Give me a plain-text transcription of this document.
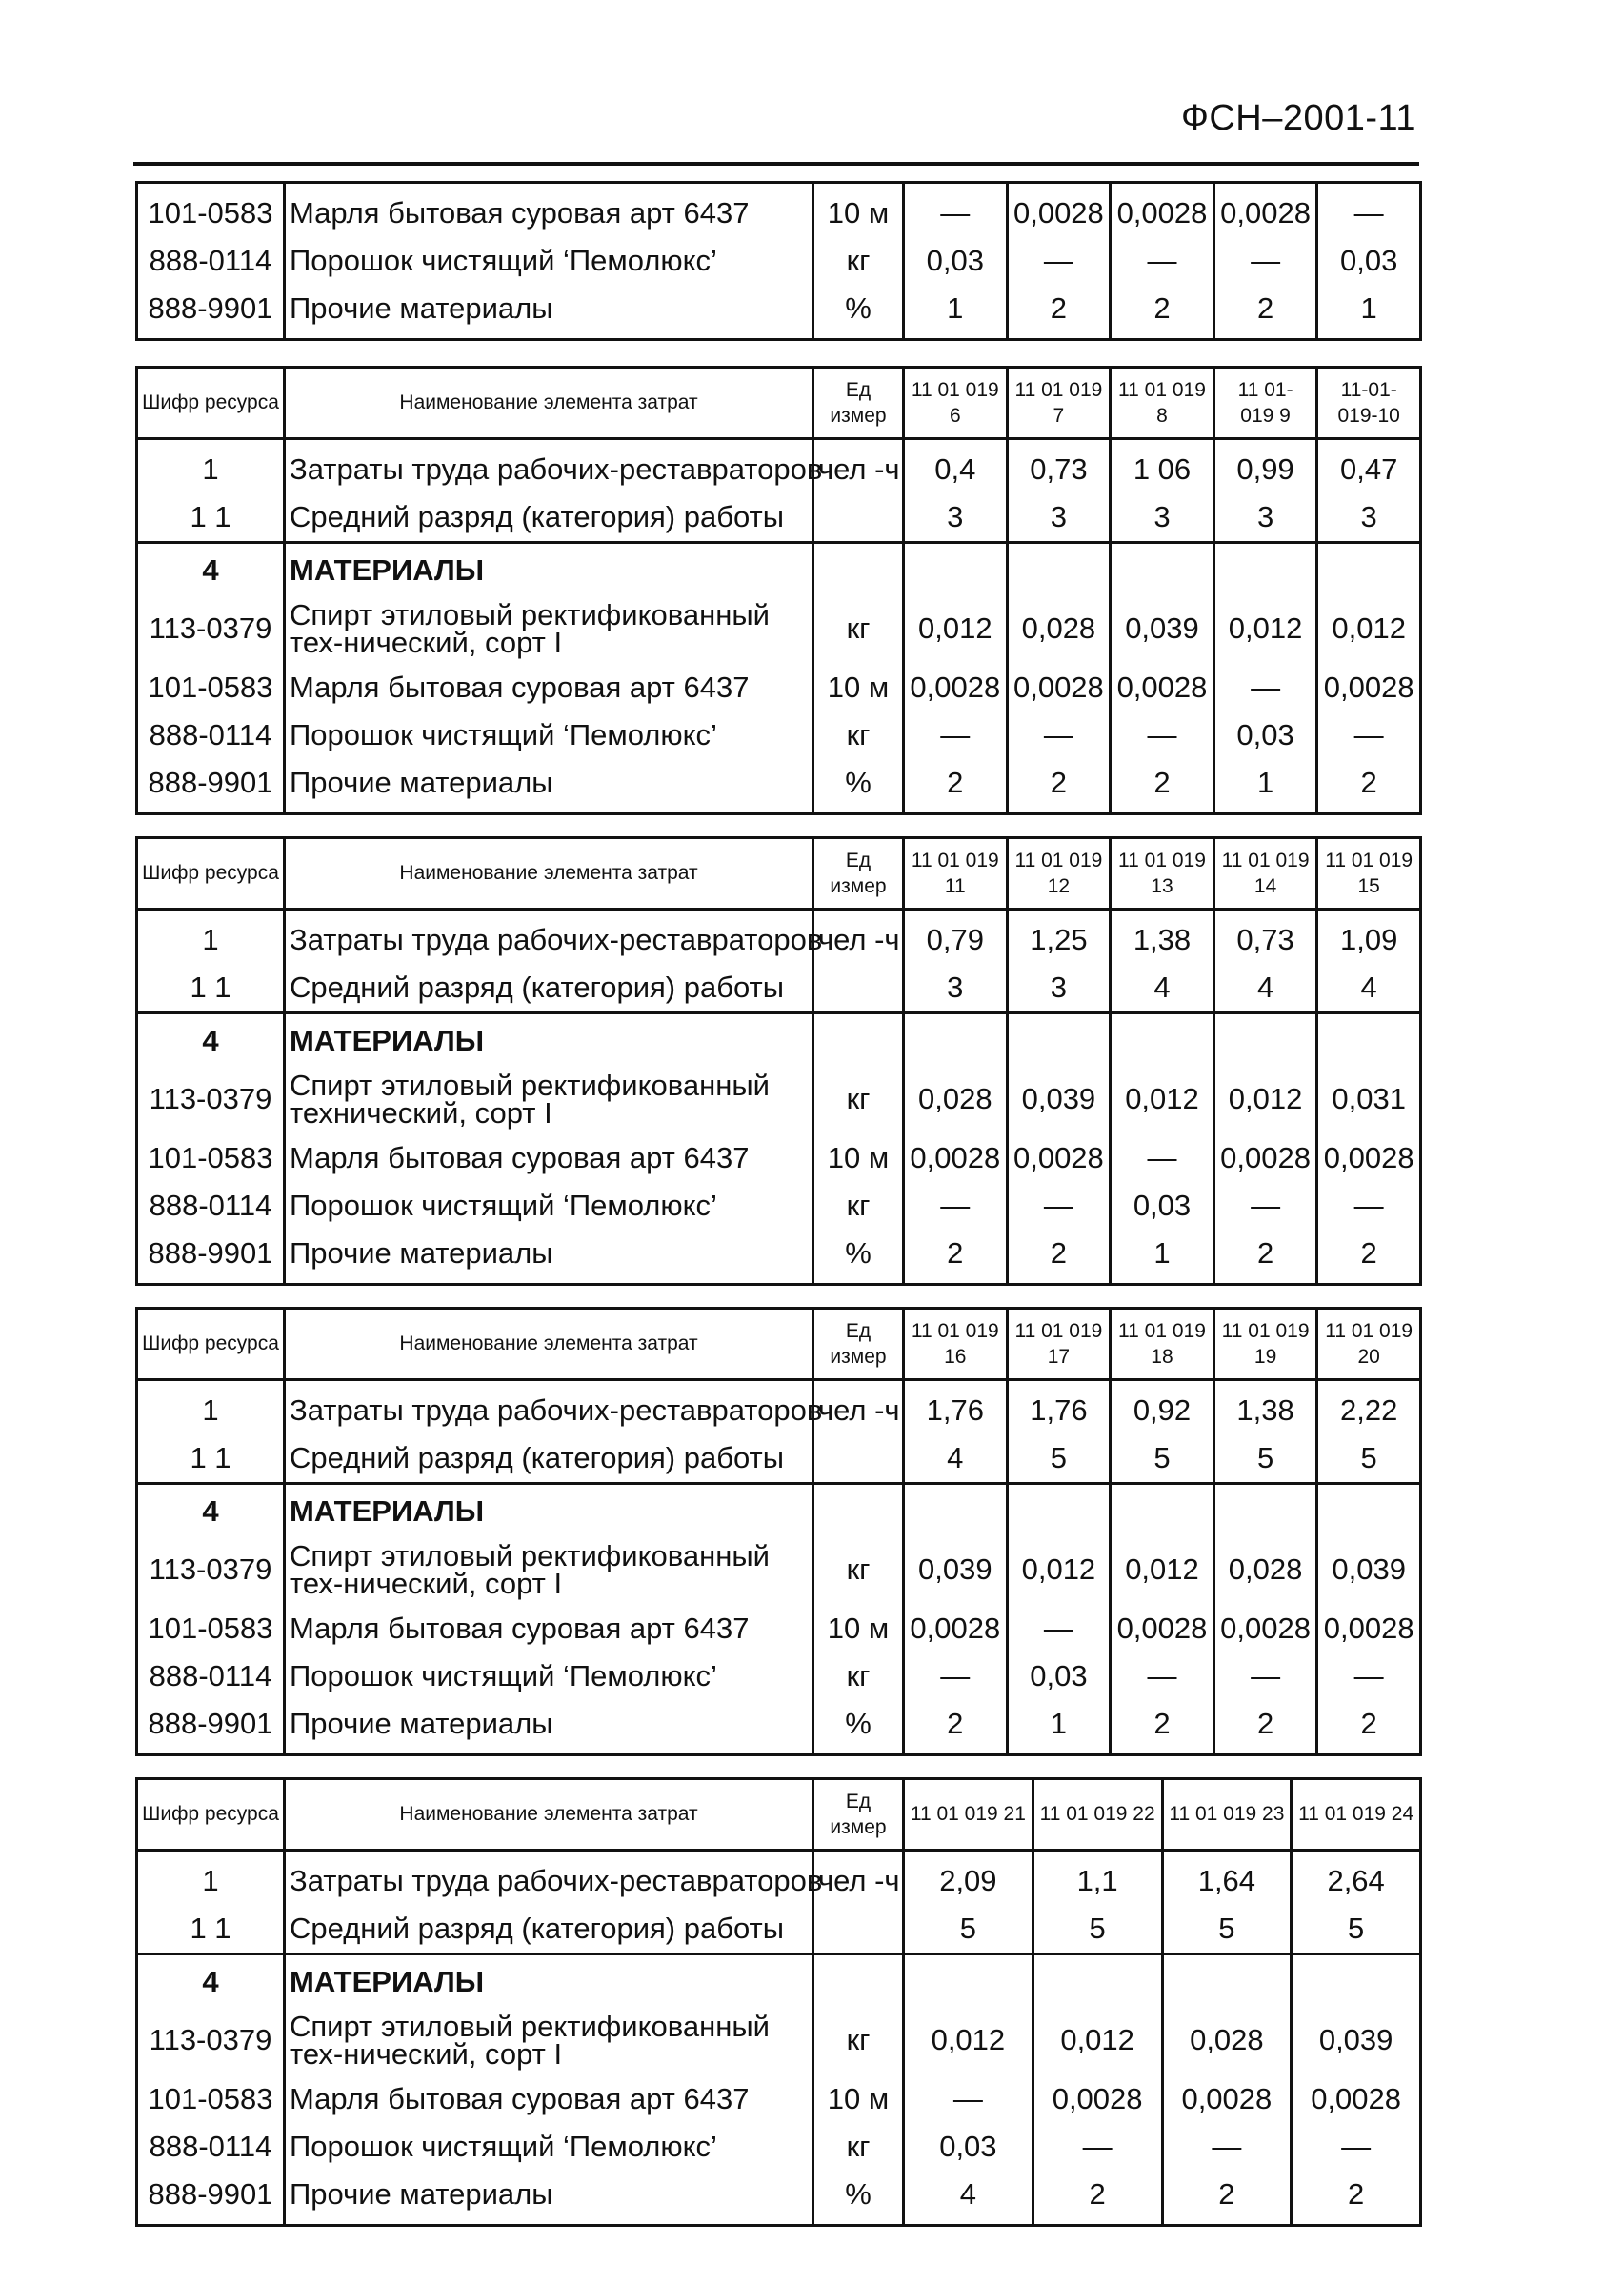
ФСН–2001-11
101-0583	Марля бытовая суровая арт 6437	10 м	—	0,0028	0,0028	0,0028	—
888-0114	Порошок чистящий ‘Пемолюкс’	кг	0,03	—	—	—	0,03
888-9901	Прочие материалы	%	1	2	2	2	1
Шифр ресурса	Наименование элемента затрат	Ед измер	11 01 019 6	11 01 019 7	11 01 019 8	11 01- 019 9	11-01- 019-10
1	Затраты труда рабочих-реставраторов	чел -ч	0,4	0,73	1 06	0,99	0,47
1 1	Средний разряд (категория) работы		3	3	3	3	3
4	МАТЕРИАЛЫ						
113-0379	Спирт этиловый ректификованный тех-нический, сорт I	кг	0,012	0,028	0,039	0,012	0,012
101-0583	Марля бытовая суровая арт 6437	10 м	0,0028	0,0028	0,0028	—	0,0028
888-0114	Порошок чистящий ‘Пемолюкс’	кг	—	—	—	0,03	—
888-9901	Прочие материалы	%	2	2	2	1	2
Шифр ресурса	Наименование элемента затрат	Ед измер	11 01 019 11	11 01 019 12	11 01 019 13	11 01 019 14	11 01 019 15
1	Затраты труда рабочих-реставраторов	чел -ч	0,79	1,25	1,38	0,73	1,09
1 1	Средний разряд (категория) работы		3	3	4	4	4
4	МАТЕРИАЛЫ						
113-0379	Спирт этиловый ректификованный технический, сорт I	кг	0,028	0,039	0,012	0,012	0,031
101-0583	Марля бытовая суровая арт 6437	10 м	0,0028	0,0028	—	0,0028	0,0028
888-0114	Порошок чистящий ‘Пемолюкс’	кг	—	—	0,03	—	—
888-9901	Прочие материалы	%	2	2	1	2	2
Шифр ресурса	Наименование элемента затрат	Ед измер	11 01 019 16	11 01 019 17	11 01 019 18	11 01 019 19	11 01 019 20
1	Затраты труда рабочих-реставраторов	чел -ч	1,76	1,76	0,92	1,38	2,22
1 1	Средний разряд (категория) работы		4	5	5	5	5
4	МАТЕРИАЛЫ						
113-0379	Спирт этиловый ректификованный тех-нический, сорт I	кг	0,039	0,012	0,012	0,028	0,039
101-0583	Марля бытовая суровая арт 6437	10 м	0,0028	—	0,0028	0,0028	0,0028
888-0114	Порошок чистящий ‘Пемолюкс’	кг	—	0,03	—	—	—
888-9901	Прочие материалы	%	2	1	2	2	2
Шифр ресурса	Наименование элемента затрат	Ед измер	11 01 019 21	11 01 019 22	11 01 019 23	11 01 019 24
1	Затраты труда рабочих-реставраторов	чел -ч	2,09	1,1	1,64	2,64
1 1	Средний разряд (категория) работы		5	5	5	5
4	МАТЕРИАЛЫ					
113-0379	Спирт этиловый ректификованный тех-нический, сорт I	кг	0,012	0,012	0,028	0,039
101-0583	Марля бытовая суровая арт 6437	10 м	—	0,0028	0,0028	0,0028
888-0114	Порошок чистящий ‘Пемолюкс’	кг	0,03	—	—	—
888-9901	Прочие материалы	%	4	2	2	2
